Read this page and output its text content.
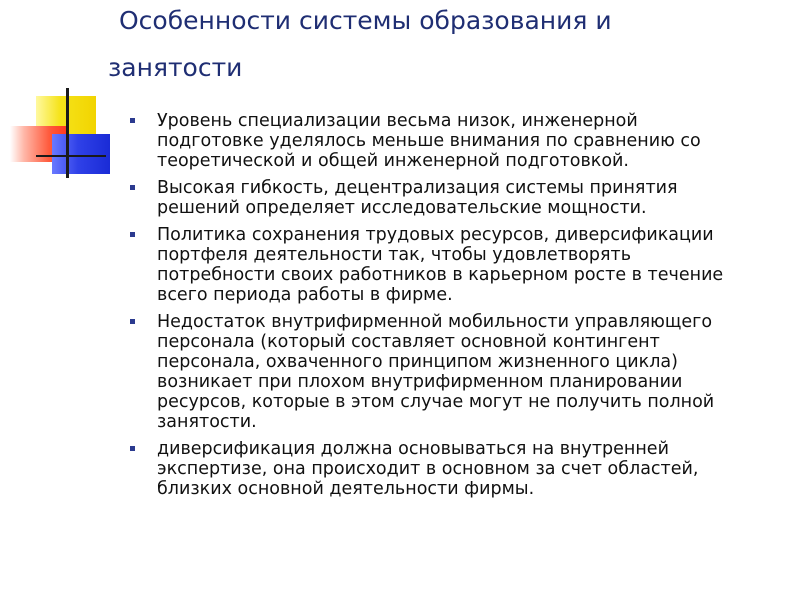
Особенности системы образования и
занятости
Уровень специализации весьма низок, инженерной
подготовке уделялось меньше внимания по сравнению со
теоретической и общей инженерной подготовкой.
Высокая гибкость, децентрализация системы принятия
решений определяет исследовательские мощности.
Политика сохранения трудовых ресурсов, диверсификации
портфеля деятельности так, чтобы удовлетворять
потребности своих работников в карьерном росте в течение
всего периода работы в фирме.
Недостаток внутрифирменной мобильности управляющего
персонала (который составляет основной контингент
персонала, охваченного принципом жизненного цикла)
возникает при плохом внутрифирменном планировании
ресурсов, которые в этом случае могут не получить полной
занятости.
диверсификация должна основываться на внутренней
экспертизе, она происходит в основном за счет областей,
близких основной деятельности фирмы.
